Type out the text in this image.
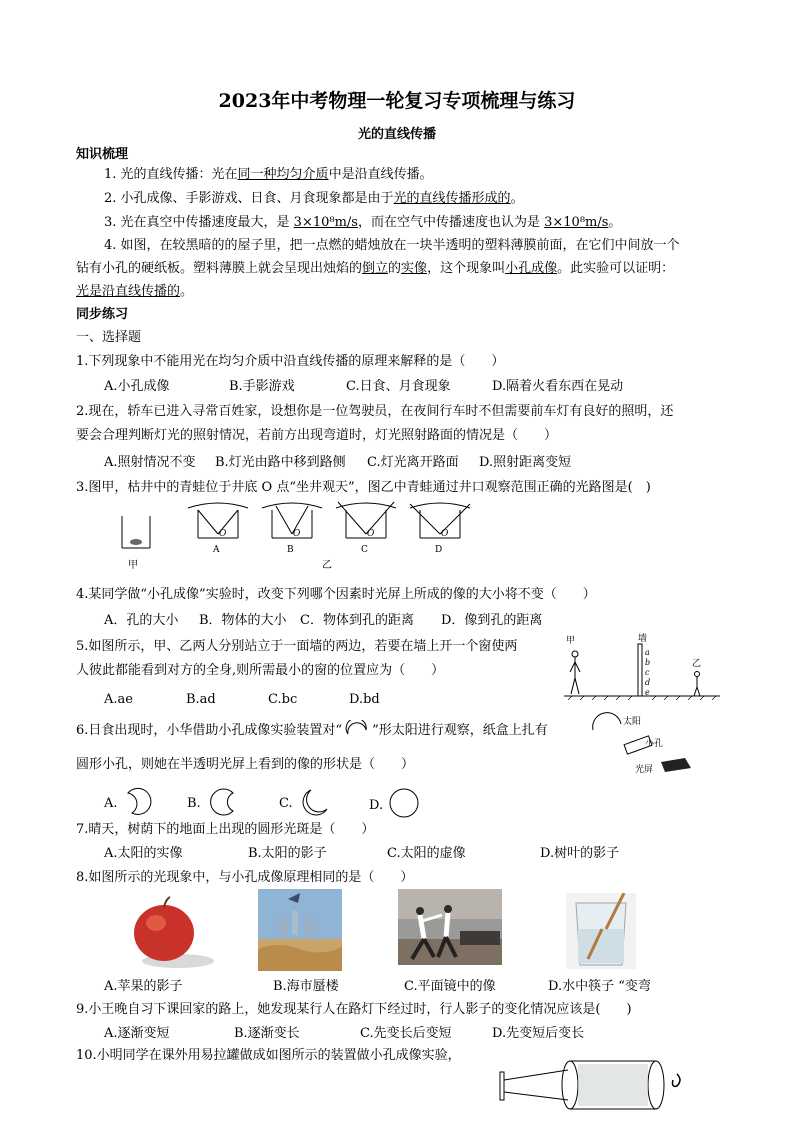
2023年中考物理一轮复习专项梳理与练习
光的直线传播
知识梳理
1. 光的直线传播：光在同一种均匀介质中是沿直线传播。
2. 小孔成像、手影游戏、日食、月食现象都是由于光的直线传播形成的。
3. 光在真空中传播速度最大，是 3×10⁸m/s，而在空气中传播速度也认为是 3×10⁸m/s。
4. 如图，在较黑暗的的屋子里，把一点燃的蜡烛放在一块半透明的塑料薄膜前面，在它们中间放一个
钻有小孔的硬纸板。塑料薄膜上就会呈现出烛焰的倒立的实像，这个现象叫小孔成像。此实验可以证明：
光是沿直线传播的。
同步练习
一、选择题
1.下列现象中不能用光在均匀介质中沿直线传播的原理来解释的是（　　）
A.小孔成像	B.手影游戏	C.日食、月食现象	D.隔着火看东西在晃动
2.现在，轿车已进入寻常百姓家，设想你是一位驾驶员，在夜间行车时不但需要前车灯有良好的照明，还
要会合理判断灯光的照射情况，若前方出现弯道时，灯光照射路面的情况是（　　）
A.照射情况不变 B.灯光由路中移到路侧 C.灯光离开路面 D.照射距离变短
3.图甲，枯井中的青蛙位于井底 O 点“坐井观天”，图乙中青蛙通过井口观察范围正确的光路图是(　)
甲
O
A
O
B
O
C
O
D
乙
4.某同学做“小孔成像”实验时，改变下列哪个因素时光屏上所成的像的大小将不变（　　）
A．孔的大小 B．物体的大小 C．物体到孔的距离 D．像到孔的距离
5.如图所示，甲、乙两人分别站立于一面墙的两边，若要在墙上开一个窗使两
人彼此都能看到对方的全身,则所需最小的窗的位置应为（　　）
A.ae	B.ad	C.bc	D.bd
甲	墙
a
b
c
d
e
乙
6.日食出现时，小华借助小孔成像实验装置对“ ”形太阳进行观察，纸盒上扎有
圆形小孔，则她在半透明光屏上看到的像的形状是（　　）
太阳
小孔
光屏
A.	B.	C.	D.
7.晴天，树荫下的地面上出现的圆形光斑是（　　）
A.太阳的实像	B.太阳的影子	C.太阳的虚像	D.树叶的影子
8.如图所示的光现象中，与小孔成像原理相同的是（　　）
A.苹果的影子	B.海市蜃楼	C.平面镜中的像	D.水中筷子 “变弯
9.小王晚自习下课回家的路上，她发现某行人在路灯下经过时，行人影子的变化情况应该是(　　)
A.逐渐变短	B.逐渐变长	C.先变长后变短	D.先变短后变长
10.小明同学在课外用易拉罐做成如图所示的装置做小孔成像实验，
